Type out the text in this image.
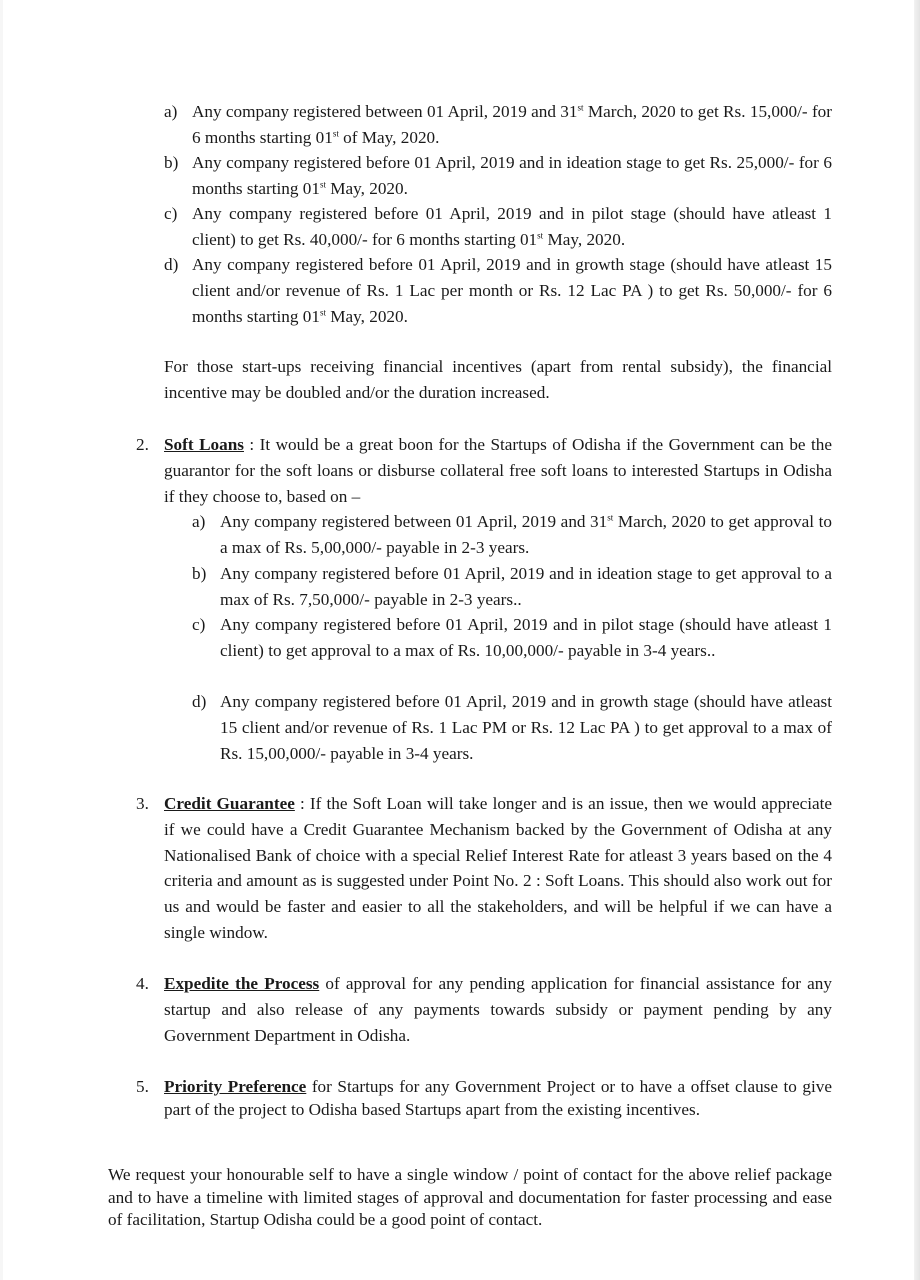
a) Any company registered between 01 April, 2019 and 31st March, 2020 to get Rs. 15,000/- for 6 months starting 01st of May, 2020.
b) Any company registered before 01 April, 2019 and in ideation stage to get Rs. 25,000/- for 6 months starting 01st May, 2020.
c) Any company registered before 01 April, 2019 and in pilot stage (should have atleast 1 client) to get Rs. 40,000/- for 6 months starting 01st May, 2020.
d) Any company registered before 01 April, 2019 and in growth stage (should have atleast 15 client and/or revenue of Rs. 1 Lac per month or Rs. 12 Lac PA ) to get Rs. 50,000/- for 6 months starting 01st May, 2020.
For those start-ups receiving financial incentives (apart from rental subsidy), the financial incentive may be doubled and/or the duration increased.
2. Soft Loans : It would be a great boon for the Startups of Odisha if the Government can be the guarantor for the soft loans or disburse collateral free soft loans to interested Startups in Odisha if they choose to, based on –
a) Any company registered between 01 April, 2019 and 31st March, 2020 to get approval to a max of Rs. 5,00,000/- payable in 2-3 years.
b) Any company registered before 01 April, 2019 and in ideation stage to get approval to a max of Rs. 7,50,000/- payable in 2-3 years..
c) Any company registered before 01 April, 2019 and in pilot stage (should have atleast 1 client) to get approval to a max of Rs. 10,00,000/- payable in 3-4 years..
d) Any company registered before 01 April, 2019 and in growth stage (should have atleast 15 client and/or revenue of Rs. 1 Lac PM or Rs. 12 Lac PA ) to get approval to a max of Rs. 15,00,000/- payable in 3-4 years.
3. Credit Guarantee : If the Soft Loan will take longer and is an issue, then we would appreciate if we could have a Credit Guarantee Mechanism backed by the Government of Odisha at any Nationalised Bank of choice with a special Relief Interest Rate for atleast 3 years based on the 4 criteria and amount as is suggested under Point No. 2 : Soft Loans. This should also work out for us and would be faster and easier to all the stakeholders, and will be helpful if we can have a single window.
4. Expedite the Process of approval for any pending application for financial assistance for any startup and also release of any payments towards subsidy or payment pending by any Government Department in Odisha.
5. Priority Preference for Startups for any Government Project or to have a offset clause to give part of the project to Odisha based Startups apart from the existing incentives.
We request your honourable self to have a single window / point of contact for the above relief package and to have a timeline with limited stages of approval and documentation for faster processing and ease of facilitation, Startup Odisha could be a good point of contact.
